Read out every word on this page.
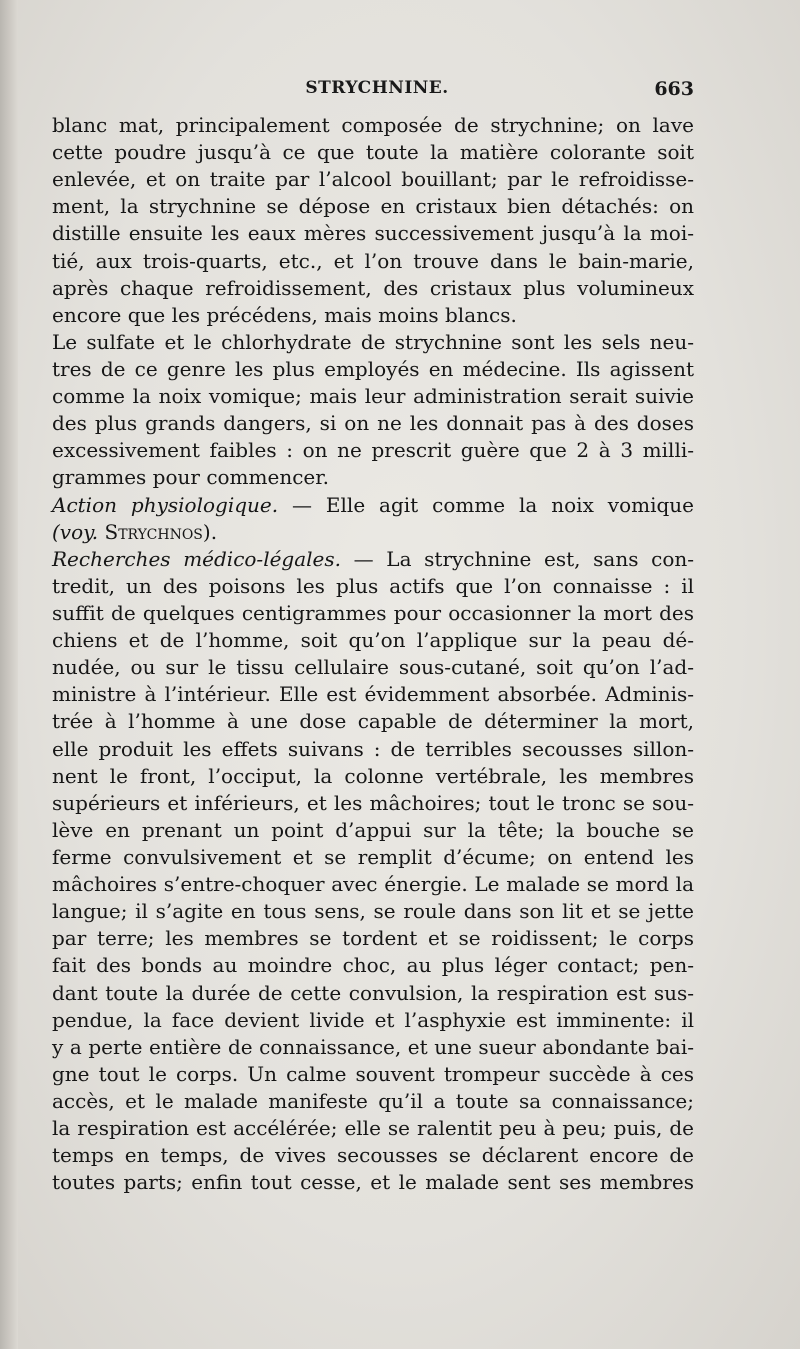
STRYCHNINE.	663
blanc mat, principalement composée de strychnine; on lave
cette poudre jusqu’à ce que toute la matière colorante soit
enlevée, et on traite par l’alcool bouillant; par le refroidisse-
ment, la strychnine se dépose en cristaux bien détachés: on
distille ensuite les eaux mères successivement jusqu’à la moi-
tié, aux trois-quarts, etc., et l’on trouve dans le bain-marie,
après chaque refroidissement, des cristaux plus volumineux
encore que les précédens, mais moins blancs.
Le sulfate et le chlorhydrate de strychnine sont les sels neu-
tres de ce genre les plus employés en médecine. Ils agissent
comme la noix vomique; mais leur administration serait suivie
des plus grands dangers, si on ne les donnait pas à des doses
excessivement faibles : on ne prescrit guère que 2 à 3 milli-
grammes pour commencer.
Action physiologique. — Elle agit comme la noix vomique
(voy. Strychnos).
Recherches médico-légales. — La strychnine est, sans con-
tredit, un des poisons les plus actifs que l’on connaisse : il
suffit de quelques centigrammes pour occasionner la mort des
chiens et de l’homme, soit qu’on l’applique sur la peau dé-
nudée, ou sur le tissu cellulaire sous-cutané, soit qu’on l’ad-
ministre à l’intérieur. Elle est évidemment absorbée. Adminis-
trée à l’homme à une dose capable de déterminer la mort,
elle produit les effets suivans : de terribles secousses sillon-
nent le front, l’occiput, la colonne vertébrale, les membres
supérieurs et inférieurs, et les mâchoires; tout le tronc se sou-
lève en prenant un point d’appui sur la tête; la bouche se
ferme convulsivement et se remplit d’écume; on entend les
mâchoires s’entre-choquer avec énergie. Le malade se mord la
langue; il s’agite en tous sens, se roule dans son lit et se jette
par terre; les membres se tordent et se roidissent; le corps
fait des bonds au moindre choc, au plus léger contact; pen-
dant toute la durée de cette convulsion, la respiration est sus-
pendue, la face devient livide et l’asphyxie est imminente: il
y a perte entière de connaissance, et une sueur abondante bai-
gne tout le corps. Un calme souvent trompeur succède à ces
accès, et le malade manifeste qu’il a toute sa connaissance;
la respiration est accélérée; elle se ralentit peu à peu; puis, de
temps en temps, de vives secousses se déclarent encore de
toutes parts; enfin tout cesse, et le malade sent ses membres
